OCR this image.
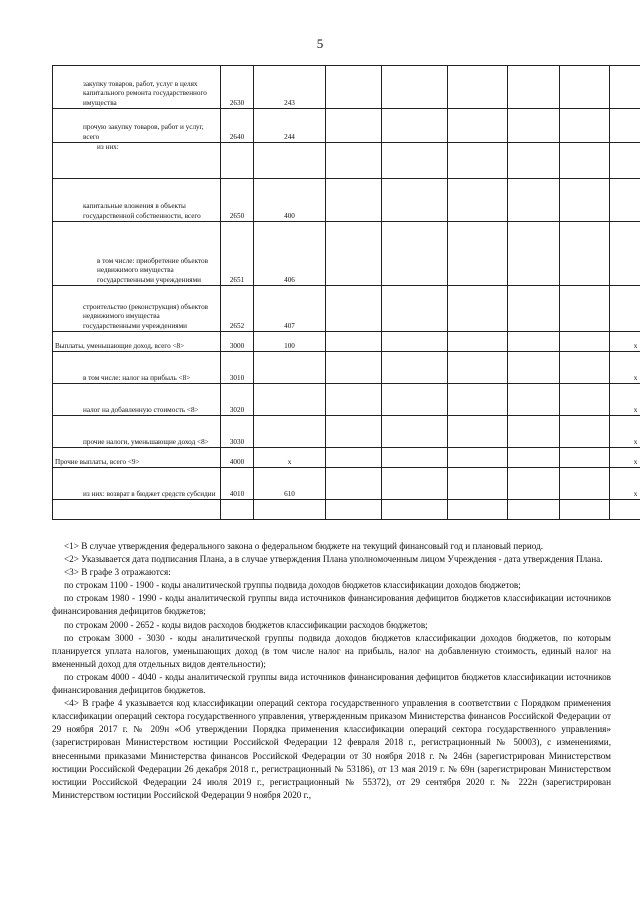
5
закупку товаров, работ, услуг в целях капитального ремонта государственного имущества	2630	243						
прочую закупку товаров, работ и услуг, всего	2640	244						
из них:								
капитальные вложения в объекты государственной собственности, всего	2650	400						
в том числе: приобретение объектов недвижимого имущества государственными учреждениями	2651	406						
строительство (реконструкция) объектов недвижимого имущества государственными учреждениями	2652	407						
Выплаты, уменьшающие доход, всего <8>	3000	100						x
в том числе: налог на прибыль <8>	3010							x
налог на добавленную стоимость <8>	3020							x
прочие налоги, уменьшающие доход <8>	3030							x
Прочие выплаты, всего <9>	4000	x						x
из них: возврат в бюджет средств субсидии	4010	610						x

<1> В случае утверждения федерального закона о федеральном бюджете на текущий финансовый год и плановый период.

<2> Указывается дата подписания Плана, а в случае утверждения Плана уполномоченным лицом Учреждения - дата утверждения Плана.

<3> В графе 3 отражаются:

по строкам 1100 - 1900 - коды аналитической группы подвида доходов бюджетов классификации доходов бюджетов;

по строкам 1980 - 1990 - коды аналитической группы вида источников финансирования дефицитов бюджетов классификации источников финансирования дефицитов бюджетов;

по строкам 2000 - 2652 - коды видов расходов бюджетов классификации расходов бюджетов;

по строкам 3000 - 3030 - коды аналитической группы подвида доходов бюджетов классификации доходов бюджетов, по которым планируется уплата налогов, уменьшающих доход (в том числе налог на прибыль, налог на добавленную стоимость, единый налог на вмененный доход для отдельных видов деятельности);

по строкам 4000 - 4040 - коды аналитической группы вида источников финансирования дефицитов бюджетов классификации источников финансирования дефицитов бюджетов.

<4> В графе 4 указывается код классификации операций сектора государственного управления в соответствии с Порядком применения классификации операций сектора государственного управления, утвержденным приказом Министерства финансов Российской Федерации от 29 ноября 2017 г. № 209н «Об утверждении Порядка применения классификации операций сектора государственного управления» (зарегистрирован Министерством юстиции Российской Федерации 12 февраля 2018 г., регистрационный № 50003), с изменениями, внесенными приказами Министерства финансов Российской Федерации от 30 ноября 2018 г. № 246н (зарегистрирован Министерством юстиции Российской Федерации 26 декабря 2018 г., регистрационный № 53186), от 13 мая 2019 г. № 69н (зарегистрирован Министерством юстиции Российской Федерации 24 июля 2019 г., регистрационный № 55372), от 29 сентября 2020 г. № 222н (зарегистрирован Министерством юстиции Российской Федерации 9 ноября 2020 г.,
